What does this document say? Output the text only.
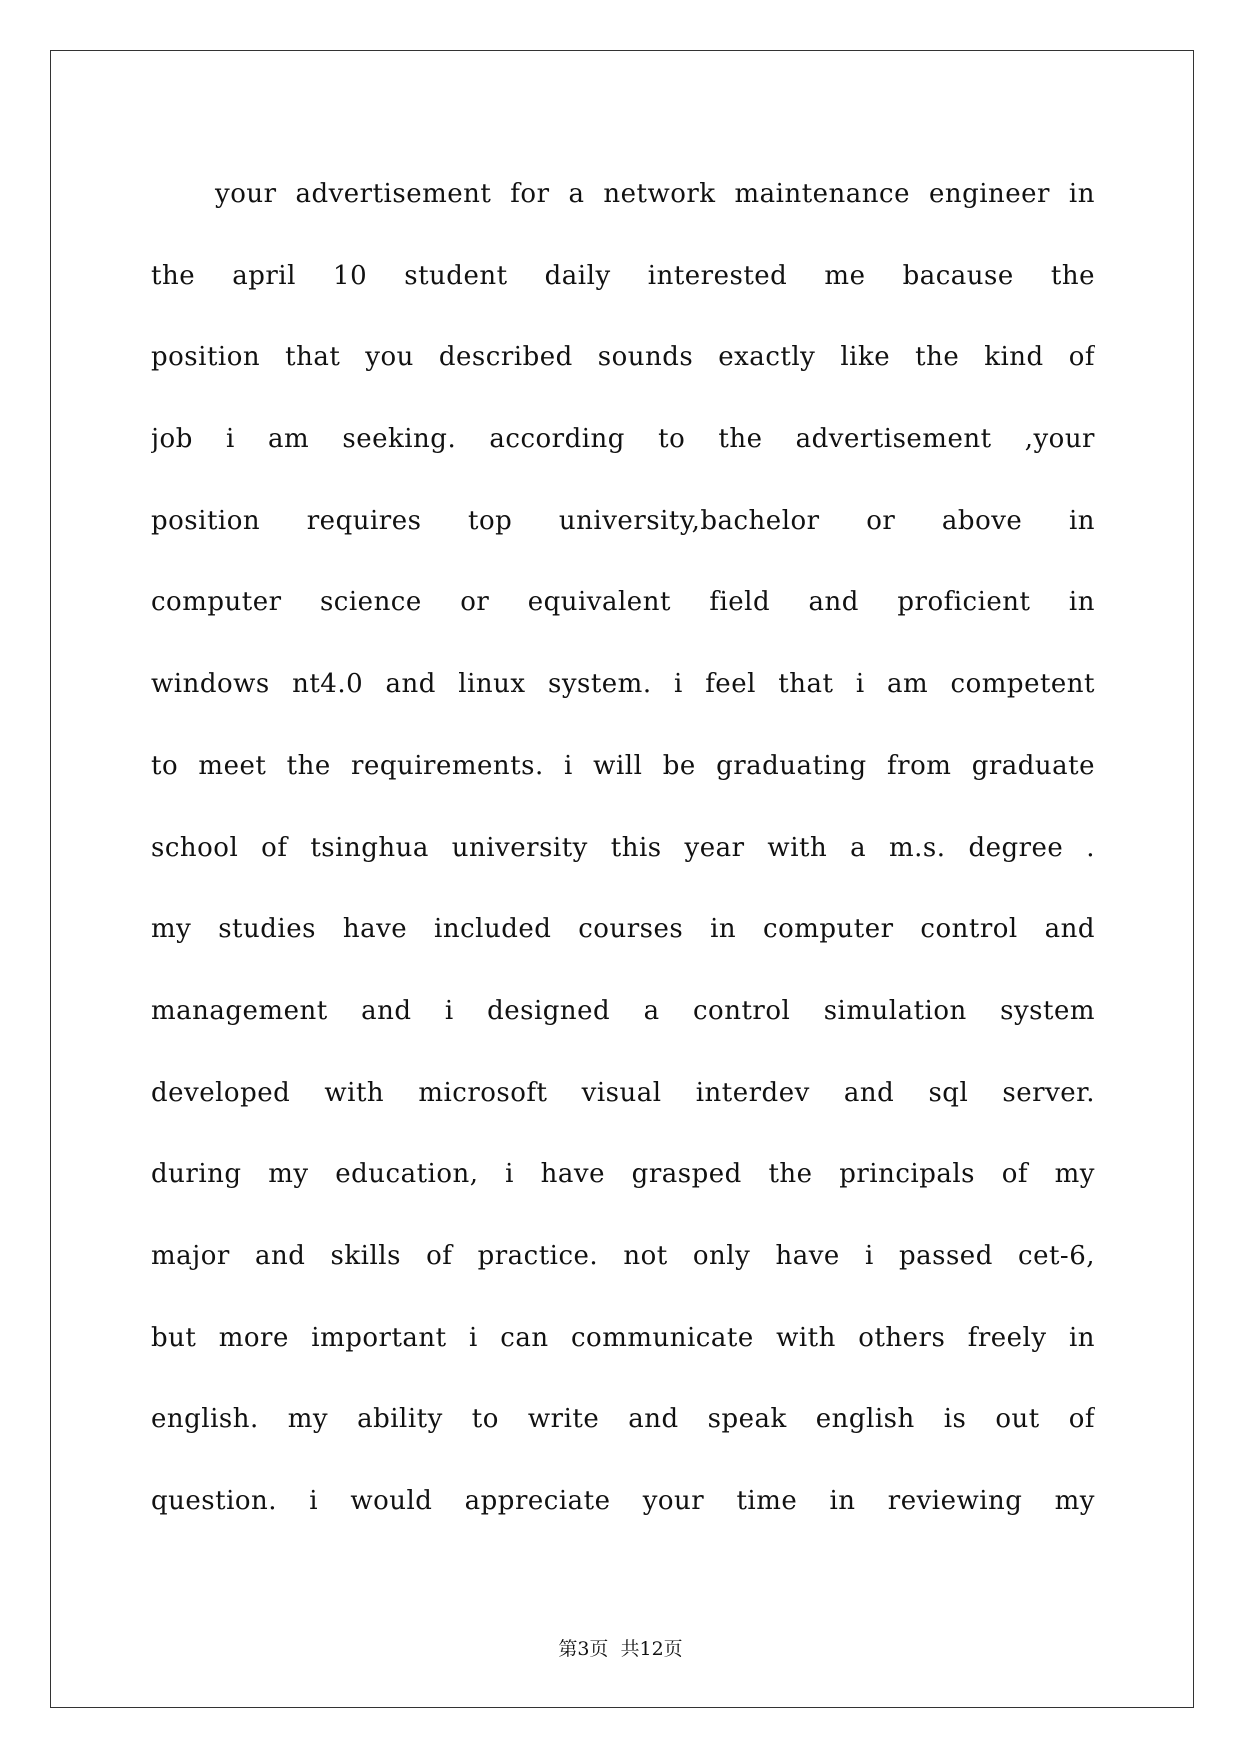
your advertisement for a network maintenance engineer in
the april 10 student daily interested me bacause the
position that you described sounds exactly like the kind of
job i am seeking. according to the advertisement ,your
position requires top university,bachelor or above in
computer science or equivalent field and proficient in
windows nt4.0 and linux system. i feel that i am competent
to meet the requirements. i will be graduating from graduate
school of tsinghua university this year with a m.s. degree .
my studies have included courses in computer control and
management and i designed a control simulation system
developed with microsoft visual interdev and sql server.
during my education, i have grasped the principals of my
major and skills of practice. not only have i passed cet-6,
but more important i can communicate with others freely in
english. my ability to write and speak english is out of
question. i would appreciate your time in reviewing my
第3页  共12页
